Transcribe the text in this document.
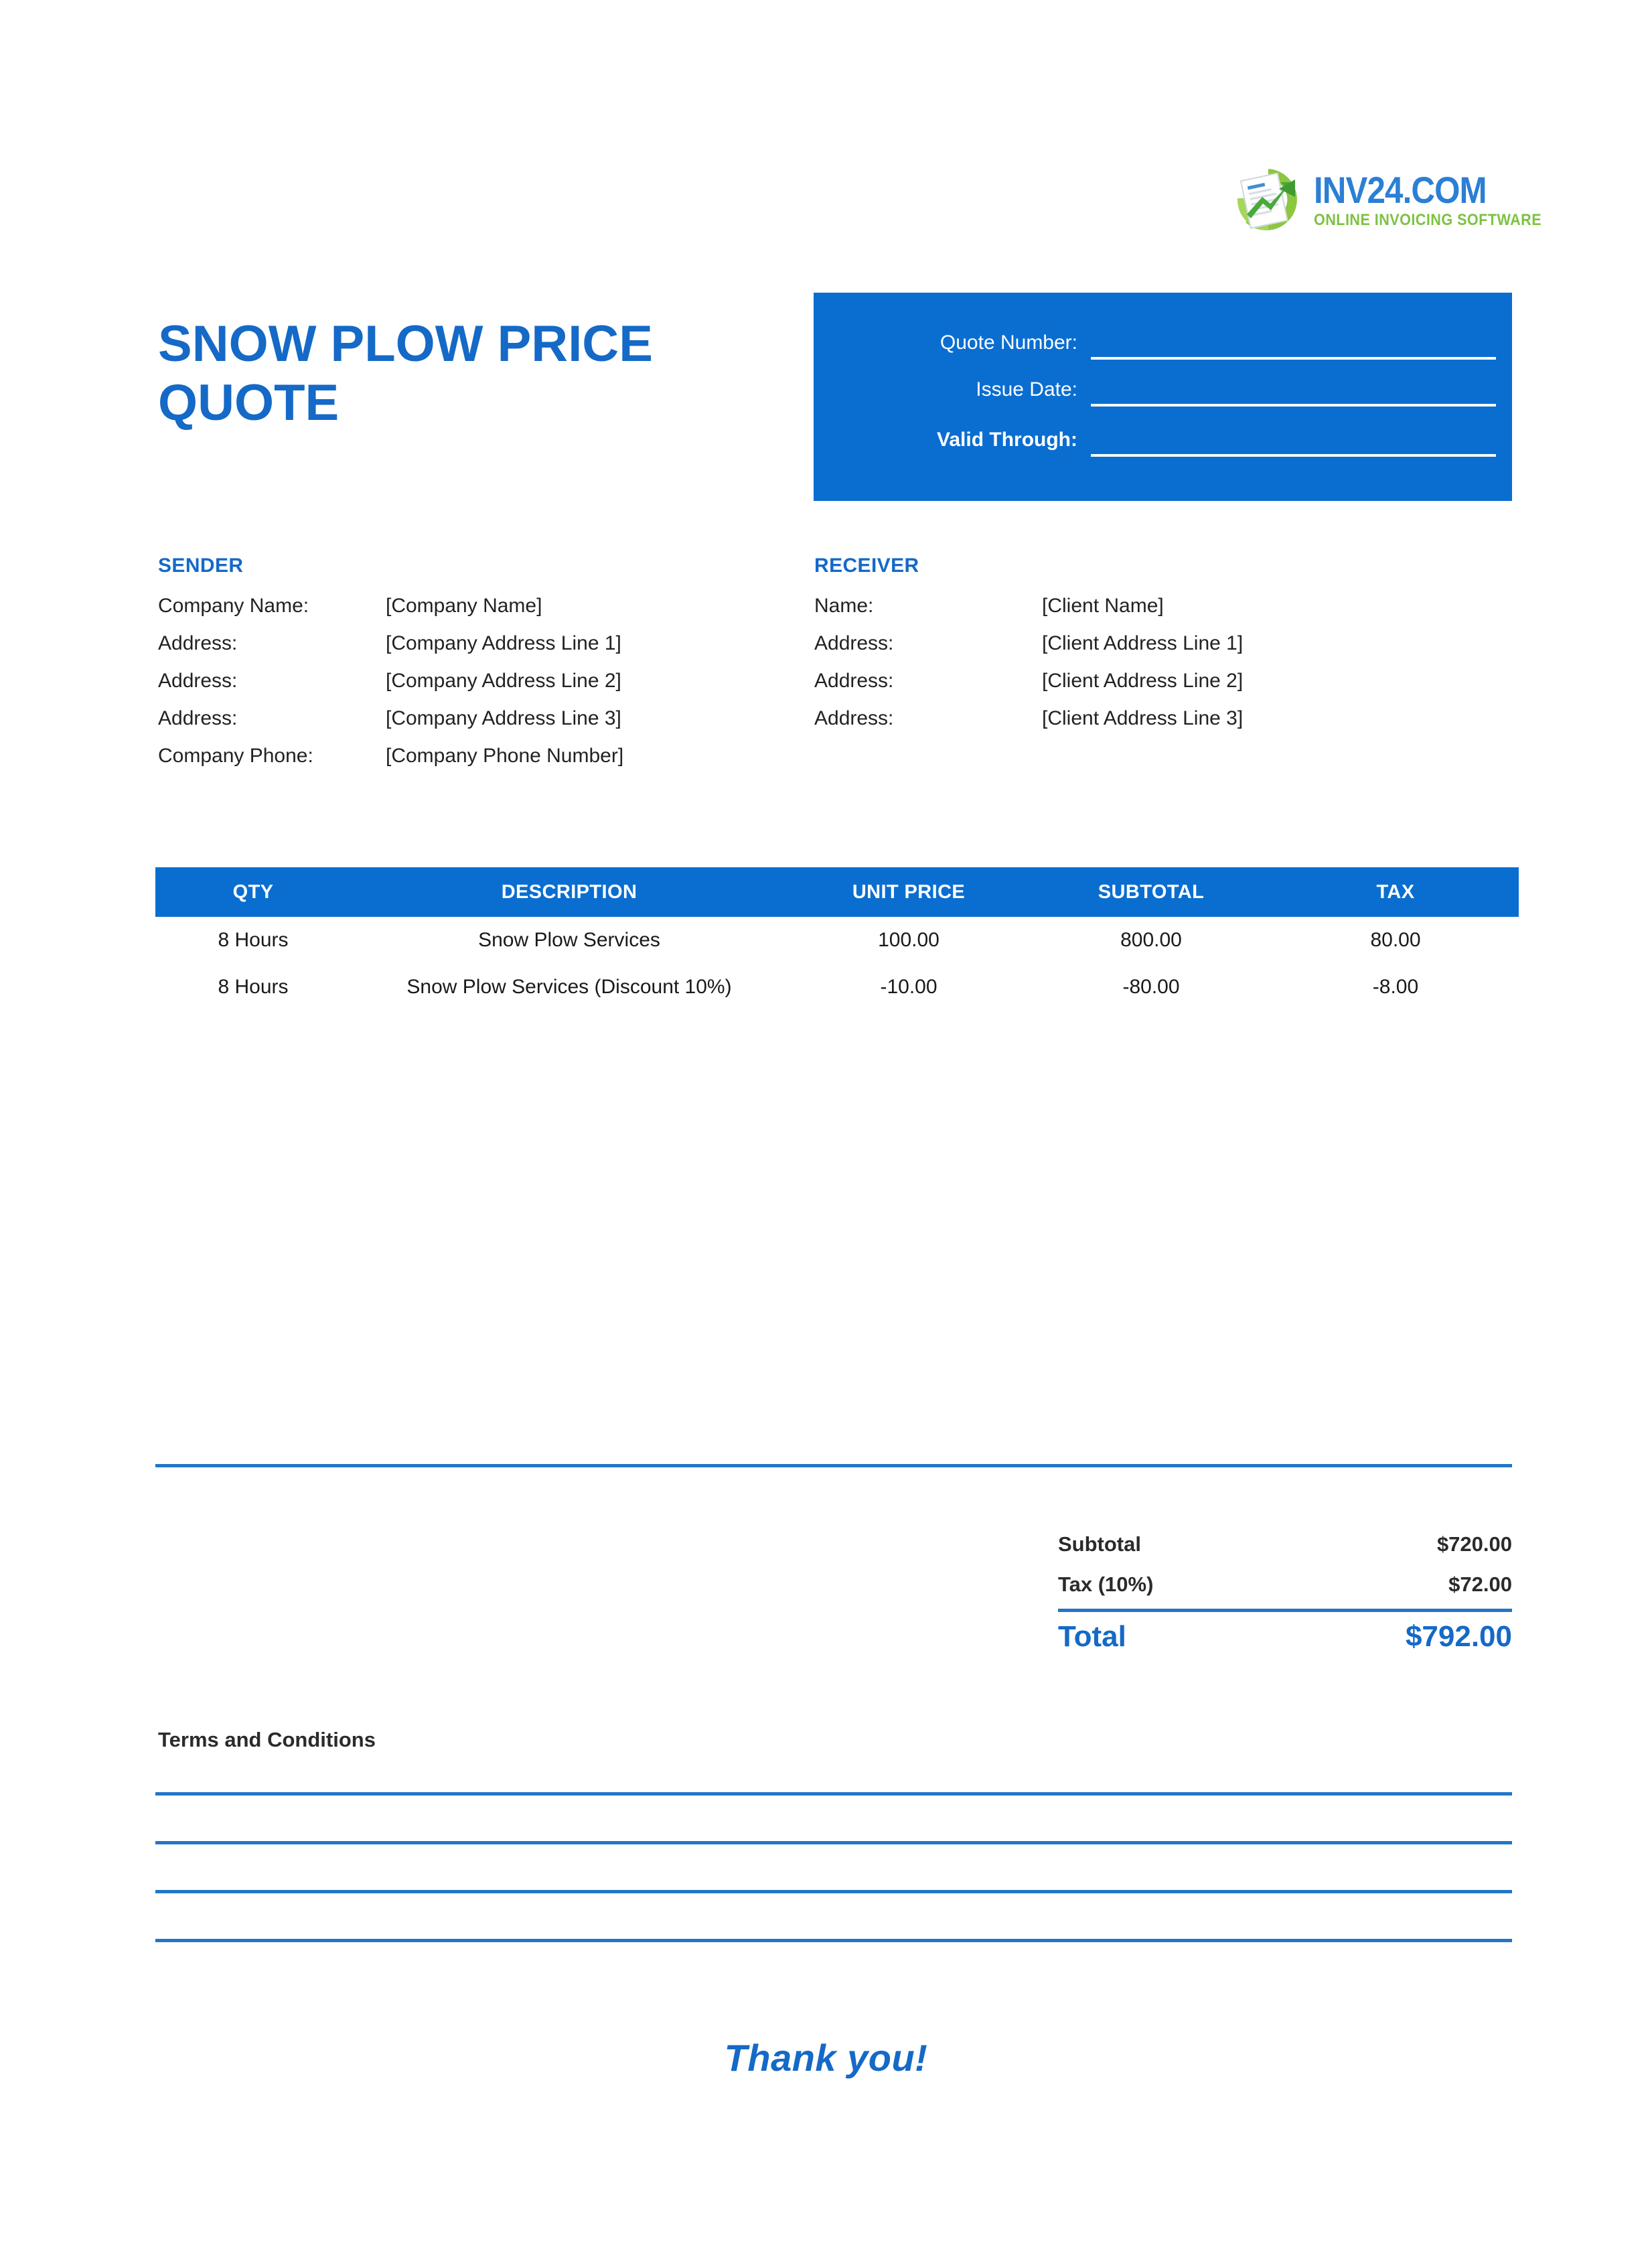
INV24.COM
ONLINE INVOICING SOFTWARE
SNOW PLOW PRICE QUOTE
Quote Number:
Issue Date:
Valid Through:
SENDER
Company Name:	[Company Name]
Address:	[Company Address Line 1]
Address:	[Company Address Line 2]
Address:	[Company Address Line 3]
Company Phone:	[Company Phone Number]
RECEIVER
Name:	[Client Name]
Address:	[Client Address Line 1]
Address:	[Client Address Line 2]
Address:	[Client Address Line 3]
QTY	DESCRIPTION	UNIT PRICE	SUBTOTAL	TAX
8 Hours	Snow Plow Services	100.00	800.00	80.00
8 Hours	Snow Plow Services (Discount 10%)	-10.00	-80.00	-8.00
Subtotal	$720.00
Tax (10%)	$72.00
Total	$792.00
Terms and Conditions
Thank you!
